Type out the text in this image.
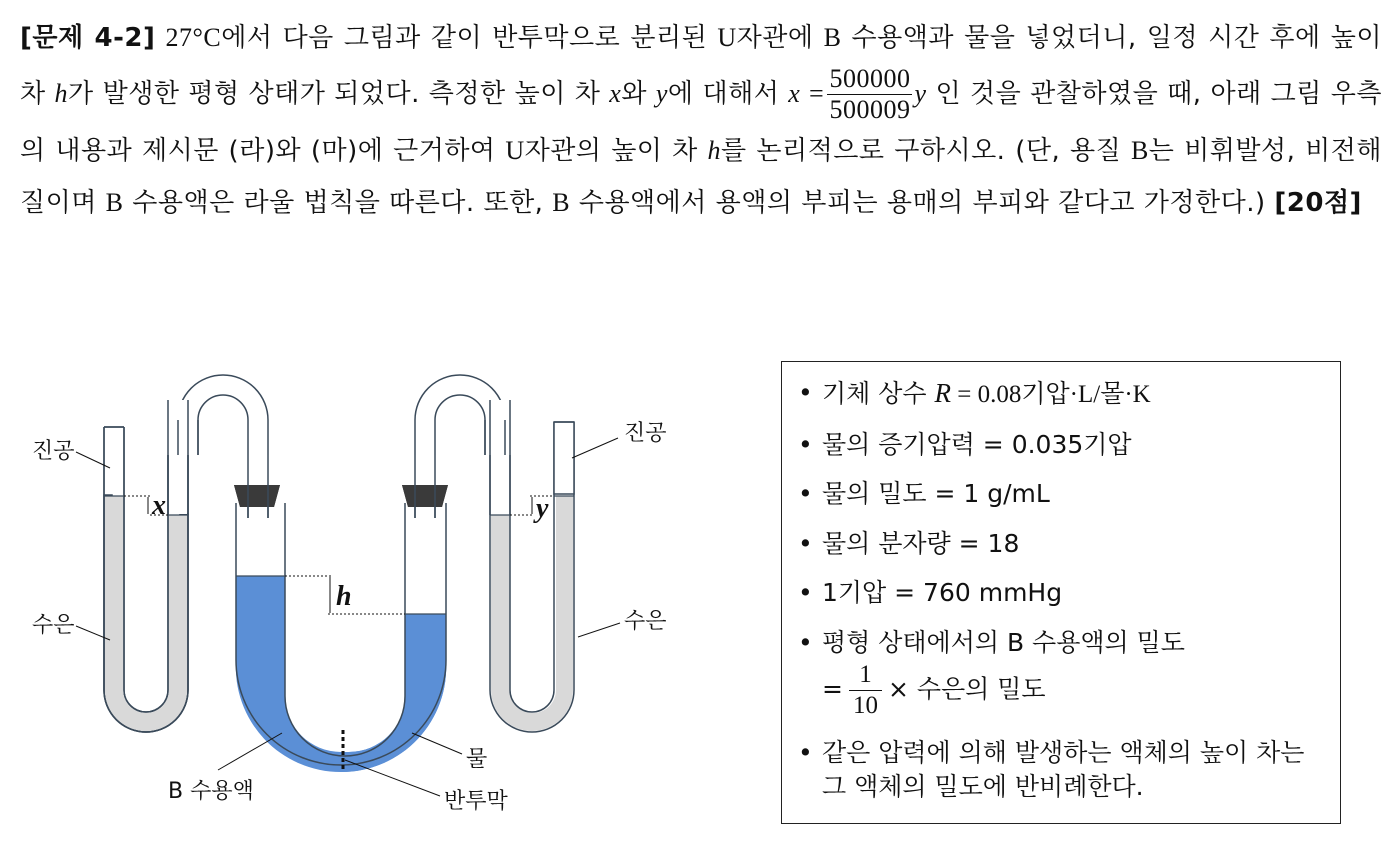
[문제 4-2] 27°C에서 다음 그림과 같이 반투막으로 분리된 U자관에 B 수용액과 물을 넣었더니, 일정 시간 후에 높이 차 h가 발생한 평형 상태가 되었다. 측정한 높이 차 x와 y에 대해서 $x = \frac{500000}{500009}$ y 인 것을 관찰하였을 때, 아래 그림 우측의 내용과 제시문 (라)와 (마)에 근거하여 U자관의 높이 차 h를 논리적으로 구하시오. (단, 용질 B는 비휘발성, 비전해질이며 B 수용액은 라울 법칙을 따른다. 또한, B 수용액에서 용액의 부피는 용매의 부피와 같다고 가정한다.) [20점]

진공
진공
수은	수은
x	y
h
B 수용액
물
반투막
• 기체 상수 R = 0.08기압·L/몰·K
• 물의 증기압력 = 0.035기압
• 물의 밀도 = 1 g/mL
• 물의 분자량 = 18
• 1기압 = 760 mmHg
• 평형 상태에서의 B 수용액의 밀도
= $\frac{1}{10}$ × 수은의 밀도
• 같은 압력에 의해 발생하는 액체의 높이 차는 그 액체의 밀도에 반비례한다.
